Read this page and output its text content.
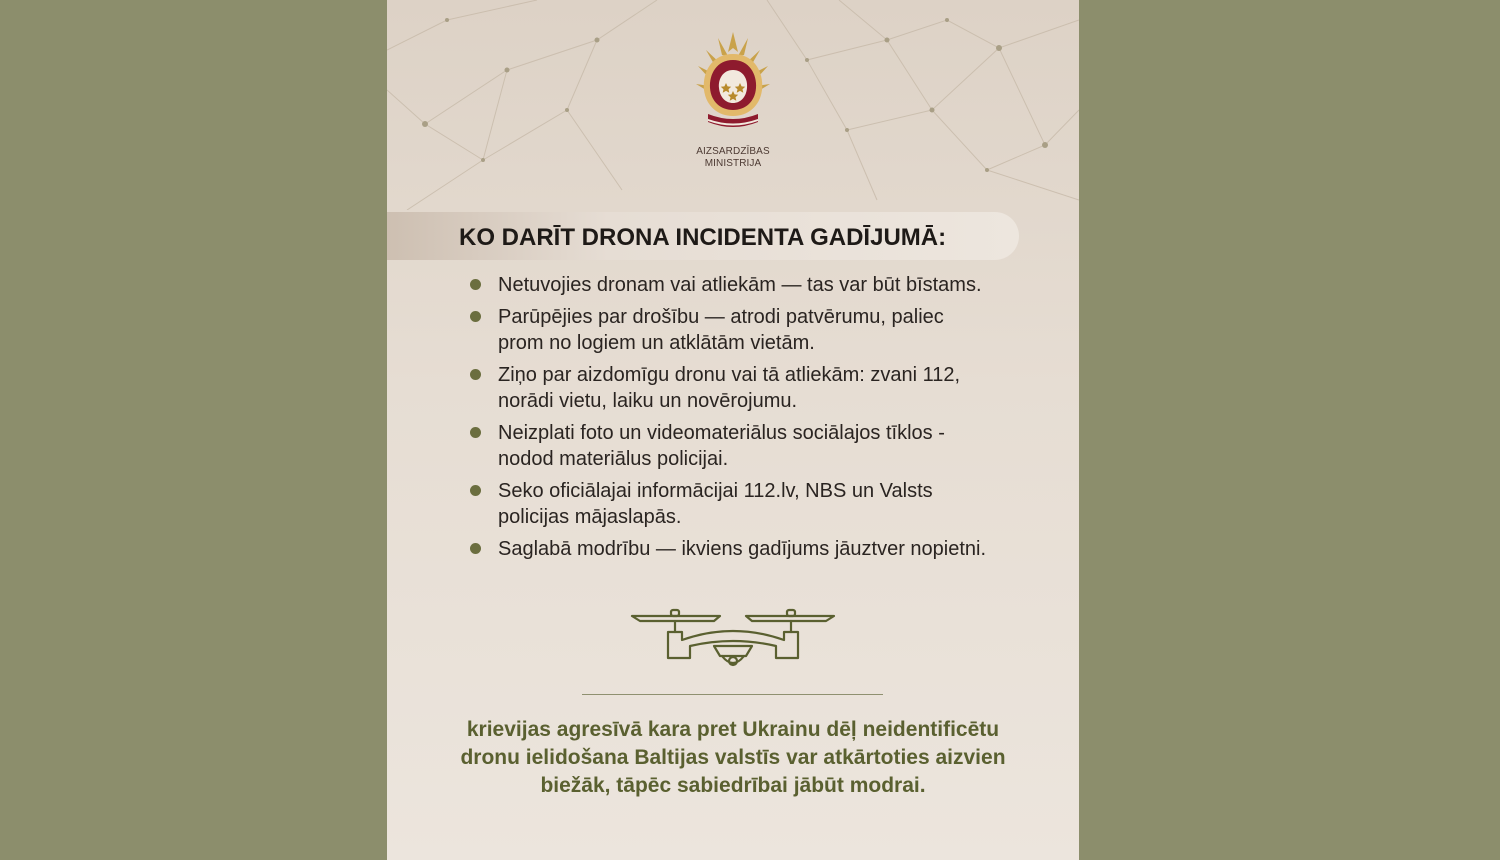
AIZSARDZĪBAS
MINISTRIJA
KO DARĪT DRONA INCIDENTA GADĪJUMĀ:
Netuvojies dronam vai atliekām — tas var būt bīstams.
Parūpējies par drošību — atrodi patvērumu, paliec
prom no logiem un atklātām vietām.
Ziņo par aizdomīgu dronu vai tā atliekām: zvani 112,
norādi vietu, laiku un novērojumu.
Neizplati foto un videomateriālus sociālajos tīklos -
nodod materiālus policijai.
Seko oficiālajai informācijai 112.lv, NBS un Valsts
policijas mājaslapās.
Saglabā modrību — ikviens gadījums jāuztver nopietni.
krievijas agresīvā kara pret Ukrainu dēļ neidentificētu
dronu ielidošana Baltijas valstīs var atkārtoties aizvien
biežāk, tāpēc sabiedrībai jābūt modrai.
